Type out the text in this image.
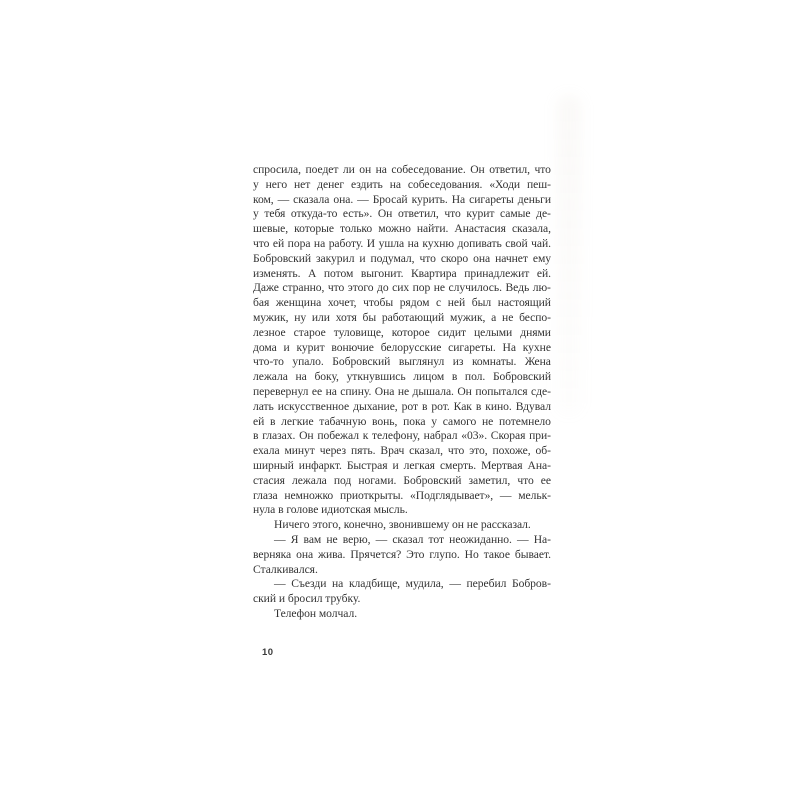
спросила, поедет ли он на собеседование. Он ответил, что
у него нет денег ездить на собеседования. «Ходи пеш-
ком, — сказала она. — Бросай курить. На сигареты деньги
у тебя откуда-то есть». Он ответил, что курит самые де-
шевые, которые только можно найти. Анастасия сказала,
что ей пора на работу. И ушла на кухню допивать свой чай.
Бобровский закурил и подумал, что скоро она начнет ему
изменять. А потом выгонит. Квартира принадлежит ей.
Даже странно, что этого до сих пор не случилось. Ведь лю-
бая женщина хочет, чтобы рядом с ней был настоящий
мужик, ну или хотя бы работающий мужик, а не беспо-
лезное старое туловище, которое сидит целыми днями
дома и курит вонючие белорусские сигареты. На кухне
что-то упало. Бобровский выглянул из комнаты. Жена
лежала на боку, уткнувшись лицом в пол. Бобровский
перевернул ее на спину. Она не дышала. Он попытался сде-
лать искусственное дыхание, рот в рот. Как в кино. Вдувал
ей в легкие табачную вонь, пока у самого не потемнело
в глазах. Он побежал к телефону, набрал «03». Скорая при-
ехала минут через пять. Врач сказал, что это, похоже, об-
ширный инфаркт. Быстрая и легкая смерть. Мертвая Ана-
стасия лежала под ногами. Бобровский заметил, что ее
глаза немножко приоткрыты. «Подглядывает», — мельк-
нула в голове идиотская мысль.
Ничего этого, конечно, звонившему он не рассказал.
— Я вам не верю, — сказал тот неожиданно. — На-
верняка она жива. Прячется? Это глупо. Но такое бывает.
Сталкивался.
— Съезди на кладбище, мудила, — перебил Бобров-
ский и бросил трубку.
Телефон молчал.
10
